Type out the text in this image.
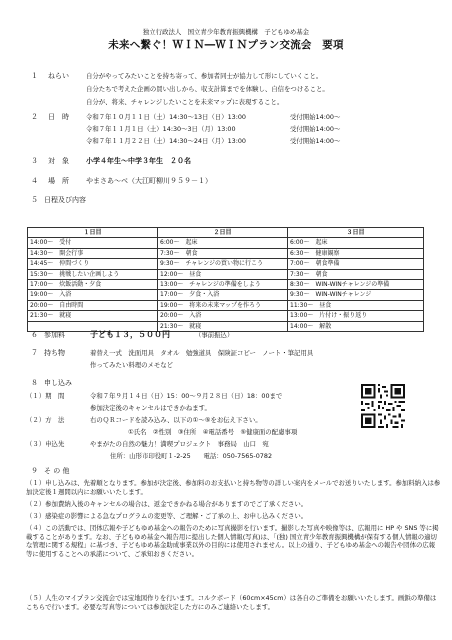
独立行政法人　国立青少年教育振興機構　子どもゆめ基金
未来へ繋ぐ！ＷＩＮ―ＷＩＮプラン交流会　要項
１ ねらい	自分がやってみたいことを持ち寄って、参加者同士が協力して形にしていくこと。
自分たちで考えた企画の買い出しから、収支計算までを体験し、自信をつけること。
自分が、将来、チャレンジしたいことを未来マップに表現すること。
２ 日　時	令和７年１０月１１日（土）14:30～13日（日）13:00	受付開始14:00～
令和７年１１月１日（土）14:30～3日（月）13:00	受付開始14:00～
令和７年１１月２２日（土）14:30～24日（月）13:00	受付開始14:00～
３ 対　象 小学４年生～中学３年生　２０名
４ 場　所 やまさあ～ベ（大江町柳川９５９－１）
５ 日程及び内容
１日目	２日目	３日目
14:00～　受付	6:00～　起床	6:00～　起床
14:30～　開会行事	7:30～　朝食	6:30～　健康観察
14:45～　仲間づくり	9:30～　チャレンジの買い物に行こう	7:00～　朝食準備
15:30～　挑戦したい企画しよう	12:00～　昼食	7:30～　朝食
17:00～　炊飯活動・夕食	13:00～　チャレンジの準備をしよう	8:30～　WIN-WINチャレンジの準備
19:00～　入浴	17:00～　夕食・入浴	9:30～　WIN-WINチャレンジ
20:00～　自由時間	19:00～　将来の未来マップを作ろう	11:30～　昼食
21:30～　就寝	20:00～　入浴	13:00～　片付け・振り返り
	21:30～　就寝	14:00～　解散
６ 参加料	子ども１３，５００円	（事前振込）
７ 持ち物	着替え一式　洗面用具　タオル　勉強道具　保険証コピー　ノート・筆記用具
作ってみたい料理のメモなど
８ 申し込み
（１）期　間	令和７年９月１４日（日）15：00～９月２８日（日）18：00まで
参加決定後のキャンセルはできかねます。
（２）方　法	右のＱＲコードを読み込み、以下の①～⑤をお伝え下さい。
①氏名　②性別　③住所　④電話番号　⑤健康面の配慮事項
（３）申込先	やまがたの自然の魅力！満喫プロジェクト　事務局　山口　宛
住所：山形市印役町１-2-25　　電話：050-7565-0782
９ そ の 他
（１）申し込みは、先着順となります。参加が決定後、参加料のお支払いと持ち物等の詳しい案内をメールでお送りいたします。参加料納入は参加決定後１週間以内にお願いいたします。
（２）参加費納入後のキャンセルの場合は、返金できかねる場合がありますのでご了承ください。
（３）感染症の影響による急なプログラムの変更等、ご理解・ご了承の上、お申し込みください。
（４）この活動では、団体広報や子どもゆめ基金への報告のために写真撮影を行います。撮影した写真や映像等は、広報用に HP や SNS 等に掲載することがあります。なお、子どもゆめ基金へ報告用に提出した個人情報(写真)は、「(独) 国立青少年教育振興機構が保有する個人情報の適切な管理に関する規程」に基づき、子どもゆめ基金助成事業以外の目的には使用されません。以上の通り、子どもゆめ基金への報告や団体の広報等に使用することへの承諾について、ご承知おきください。
（５）人生のマイプラン交流会では宝地図作りを行います。コルクボード（60cm×45cm）は各自のご準備をお願いいたします。画鋲の準備はこちらで行います。必要な写真等については参加決定した方にのみご連絡いたします。
